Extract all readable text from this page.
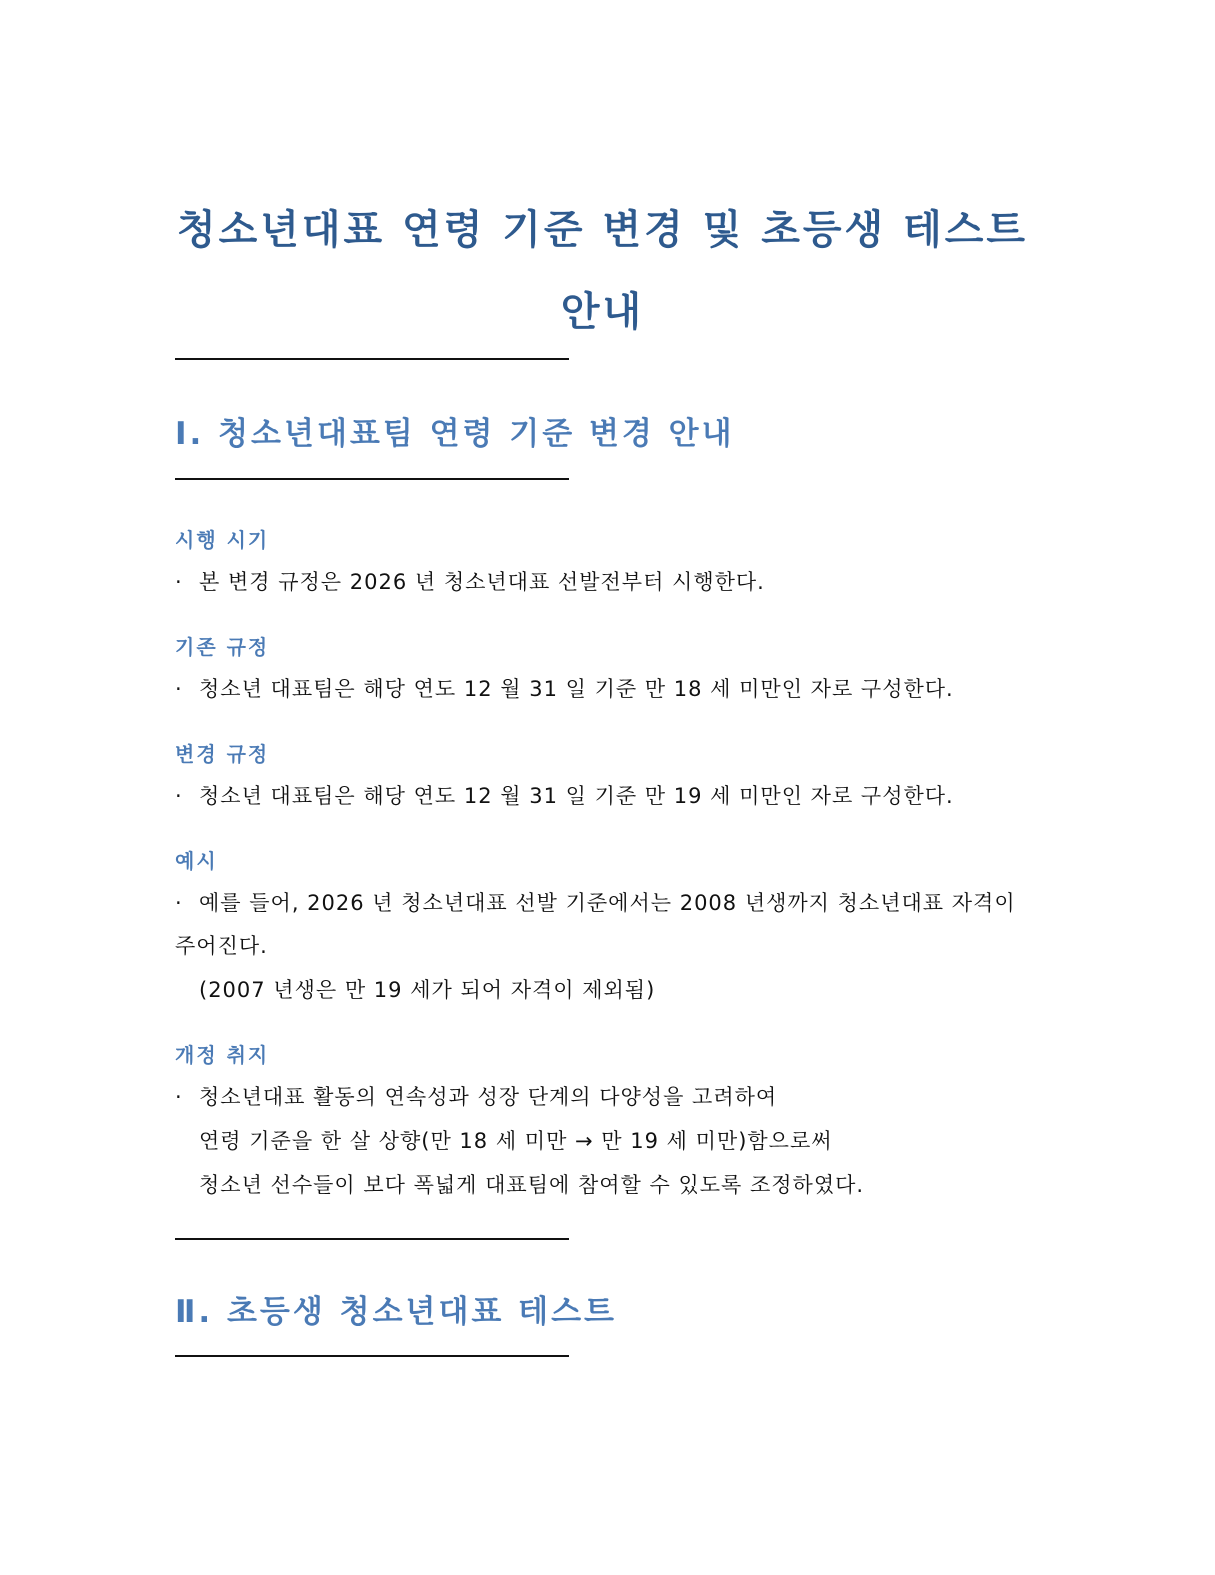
청소년대표 연령 기준 변경 및 초등생 테스트
안내
Ⅰ. 청소년대표팀 연령 기준 변경 안내
시행 시기

· 본 변경 규정은 2026 년 청소년대표 선발전부터 시행한다.

기존 규정

· 청소년 대표팀은 해당 연도 12 월 31 일 기준 만 18 세 미만인 자로 구성한다.

변경 규정

· 청소년 대표팀은 해당 연도 12 월 31 일 기준 만 19 세 미만인 자로 구성한다.

예시

· 예를 들어, 2026 년 청소년대표 선발 기준에서는 2008 년생까지 청소년대표 자격이

주어진다.

(2007 년생은 만 19 세가 되어 자격이 제외됨)

개정 취지

· 청소년대표 활동의 연속성과 성장 단계의 다양성을 고려하여

연령 기준을 한 살 상향(만 18 세 미만 → 만 19 세 미만)함으로써

청소년 선수들이 보다 폭넓게 대표팀에 참여할 수 있도록 조정하였다.

Ⅱ. 초등생 청소년대표 테스트
